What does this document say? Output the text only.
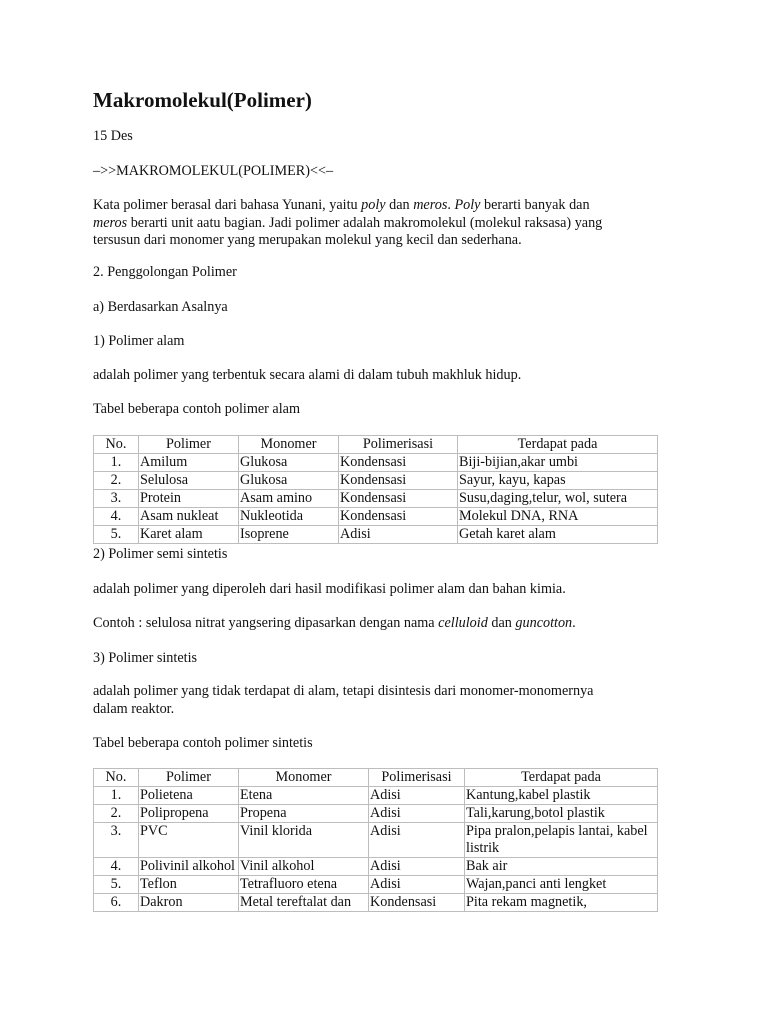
Makromolekul(Polimer)

15 Des

–>>MAKROMOLEKUL(POLIMER)<<–

Kata polimer berasal dari bahasa Yunani, yaitu poly dan meros. Poly berarti banyak dan
meros berarti unit aatu bagian. Jadi polimer adalah makromolekul (molekul raksasa) yang
tersusun dari monomer yang merupakan molekul yang kecil dan sederhana.

2. Penggolongan Polimer

a) Berdasarkan Asalnya

1) Polimer alam

adalah polimer yang terbentuk secara alami di dalam tubuh makhluk hidup.

Tabel beberapa contoh polimer alam

No.	Polimer	Monomer	Polimerisasi	Terdapat pada
1.	Amilum	Glukosa	Kondensasi	Biji-bijian,akar umbi
2.	Selulosa	Glukosa	Kondensasi	Sayur, kayu, kapas
3.	Protein	Asam amino	Kondensasi	Susu,daging,telur, wol, sutera
4.	Asam nukleat	Nukleotida	Kondensasi	Molekul DNA, RNA
5.	Karet alam	Isoprene	Adisi	Getah karet alam

2) Polimer semi sintetis

adalah polimer yang diperoleh dari hasil modifikasi polimer alam dan bahan kimia.

Contoh : selulosa nitrat yangsering dipasarkan dengan nama celluloid dan guncotton.

3) Polimer sintetis

adalah polimer yang tidak terdapat di alam, tetapi disintesis dari monomer-monomernya
dalam reaktor.

Tabel beberapa contoh polimer sintetis

No.	Polimer	Monomer	Polimerisasi	Terdapat pada
1.	Polietena	Etena	Adisi	Kantung,kabel plastik
2.	Polipropena	Propena	Adisi	Tali,karung,botol plastik
3.	PVC	Vinil klorida	Adisi	Pipa pralon,pelapis lantai, kabel listrik
4.	Polivinil alkohol	Vinil alkohol	Adisi	Bak air
5.	Teflon	Tetrafluoro etena	Adisi	Wajan,panci anti lengket
6.	Dakron	Metal tereftalat dan	Kondensasi	Pita rekam magnetik,
